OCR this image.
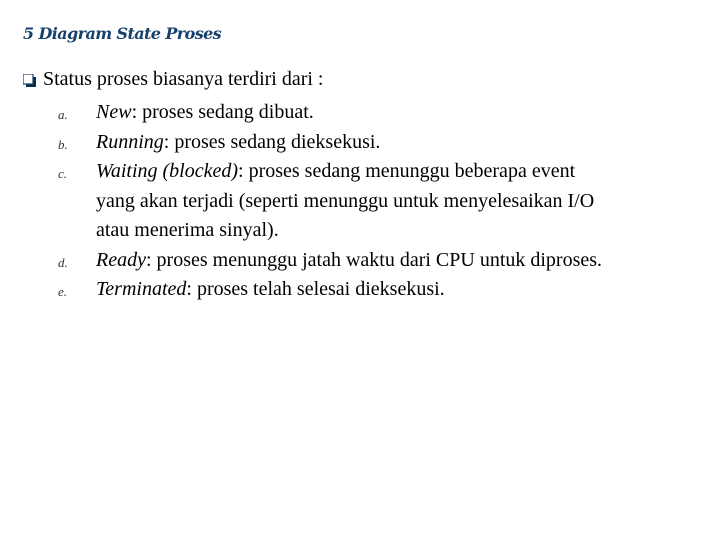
5 Diagram State Proses
Status proses biasanya terdiri dari :
a. New: proses sedang dibuat.
b. Running: proses sedang dieksekusi.
c. Waiting (blocked): proses sedang menunggu beberapa event
yang akan terjadi (seperti menunggu untuk menyelesaikan I/O
atau menerima sinyal).
d. Ready: proses menunggu jatah waktu dari CPU untuk diproses.
e. Terminated: proses telah selesai dieksekusi.
